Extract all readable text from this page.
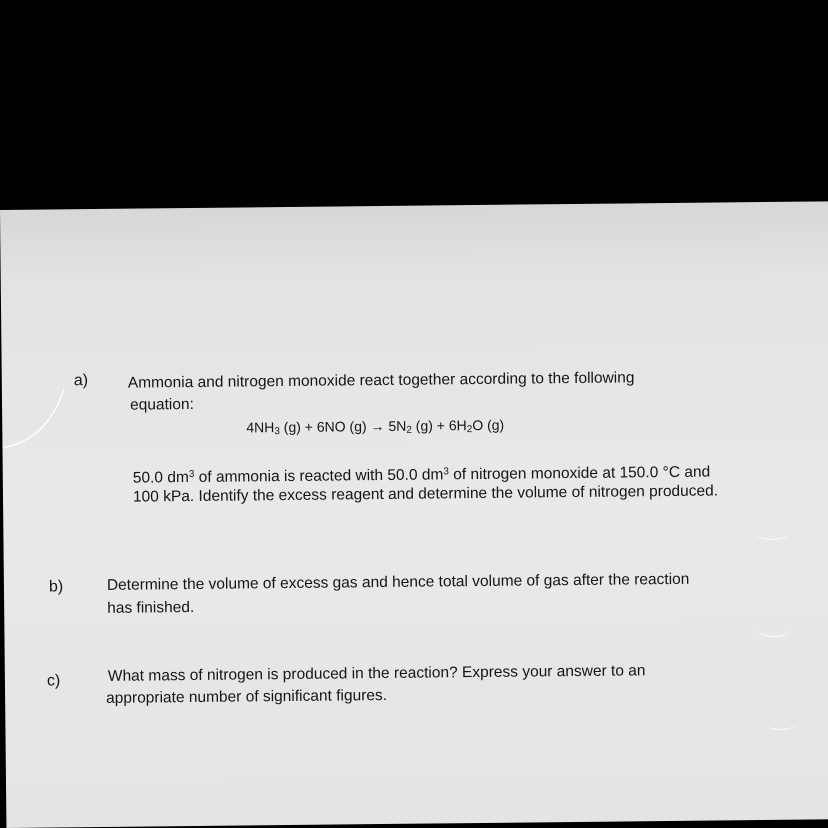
a)	Ammonia and nitrogen monoxide react together according to the following
equation:
$4NH_3$ (g) + 6NO $(g) \to 5N_2$ $(g) + 6H_2O$ (g)
50.0 $dm^3$ of ammonia is reacted with 50.0 $dm^3$ of nitrogen monoxide at 150.0 °C and
100 kPa. Identify the excess reagent and determine the volume of nitrogen produced.
b)	Determine the volume of excess gas and hence total volume of gas after the reaction
has finished.
c)	What mass of nitrogen is produced in the reaction? Express your answer to an
appropriate number of significant figures.
